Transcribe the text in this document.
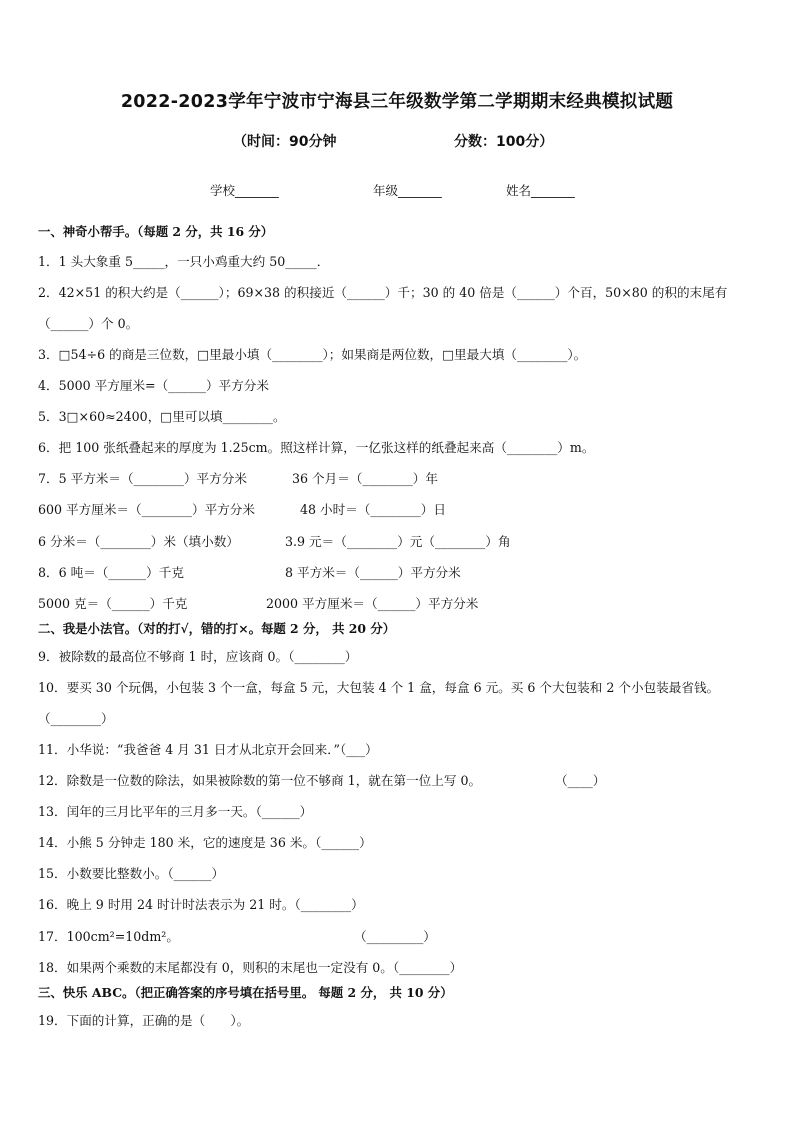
2022-2023学年宁波市宁海县三年级数学第二学期期末经典模拟试题
（时间：90分钟	分数：100分）
学校_______	年级_______	姓名_______
一、神奇小帮手。（每题 2 分，共 16 分）
1．1 头大象重 5_____，一只小鸡重大约 50_____．
2．42×51 的积大约是（______）；69×38 的积接近（______）千；30 的 40 倍是（______）个百，50×80 的积的末尾有
（______）个 0。
3．□54÷6 的商是三位数，□里最小填（________）；如果商是两位数，□里最大填（________）。
4．5000 平方厘米=（______）平方分米
5．3□×60≈2400，□里可以填________。
6．把 100 张纸叠起来的厚度为 1.25cm。照这样计算，一亿张这样的纸叠起来高（________）m。
7．5 平方米＝（________）平方分米	36 个月＝（________）年
600 平方厘米＝（________）平方分米	48 小时＝（________）日
6 分米＝（________）米（填小数）	3.9 元＝（________）元（________）角
8．6 吨＝（______）千克	8 平方米＝（______）平方分米
5000 克＝（______）千克	2000 平方厘米＝（______）平方分米
二、我是小法官。（对的打√，错的打×。每题 2 分， 共 20 分）
9．被除数的最高位不够商 1 时，应该商 0。（________）
10．要买 30 个玩偶，小包装 3 个一盒，每盒 5 元，大包装 4 个 1 盒，每盒 6 元。买 6 个大包装和 2 个小包装最省钱。
（________）
11．小华说：“我爸爸 4 月 31 日才从北京开会回来．”（___）
12．除数是一位数的除法，如果被除数的第一位不够商 1，就在第一位上写 0。	（____）
13．闰年的三月比平年的三月多一天。（______）
14．小熊 5 分钟走 180 米，它的速度是 36 米。（______）
15．小数要比整数小。（______）
16．晚上 9 时用 24 时计时法表示为 21 时。（________）
17．100cm²=10dm²。	（_________）
18．如果两个乘数的末尾都没有 0，则积的末尾也一定没有 0。（________）
三、快乐 ABC。（把正确答案的序号填在括号里。 每题 2 分， 共 10 分）
19．下面的计算，正确的是（　　）。
